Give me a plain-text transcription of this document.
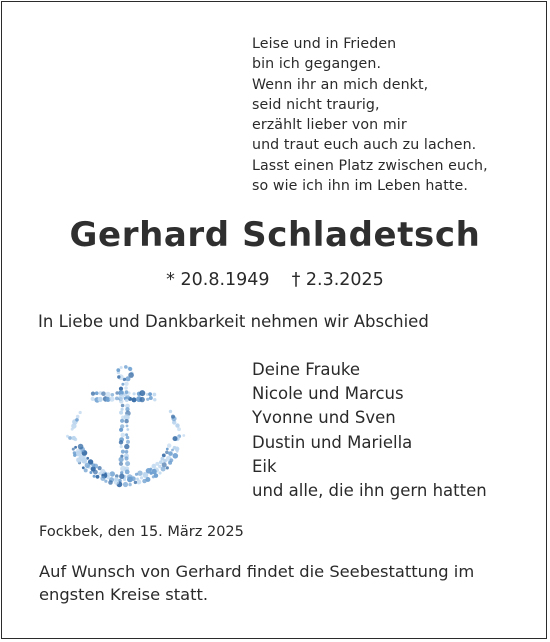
Leise und in Frieden
bin ich gegangen.
Wenn ihr an mich denkt,
seid nicht traurig,
erzählt lieber von mir
und traut euch auch zu lachen.
Lasst einen Platz zwischen euch,
so wie ich ihn im Leben hatte.
Gerhard Schladetsch
* 20.8.1949 † 2.3.2025
In Liebe und Dankbarkeit nehmen wir Abschied
Deine Frauke
Nicole und Marcus
Yvonne und Sven
Dustin und Mariella
Eik
und alle, die ihn gern hatten
Fockbek, den 15. März 2025
Auf Wunsch von Gerhard findet die Seebestattung im
engsten Kreise statt.
